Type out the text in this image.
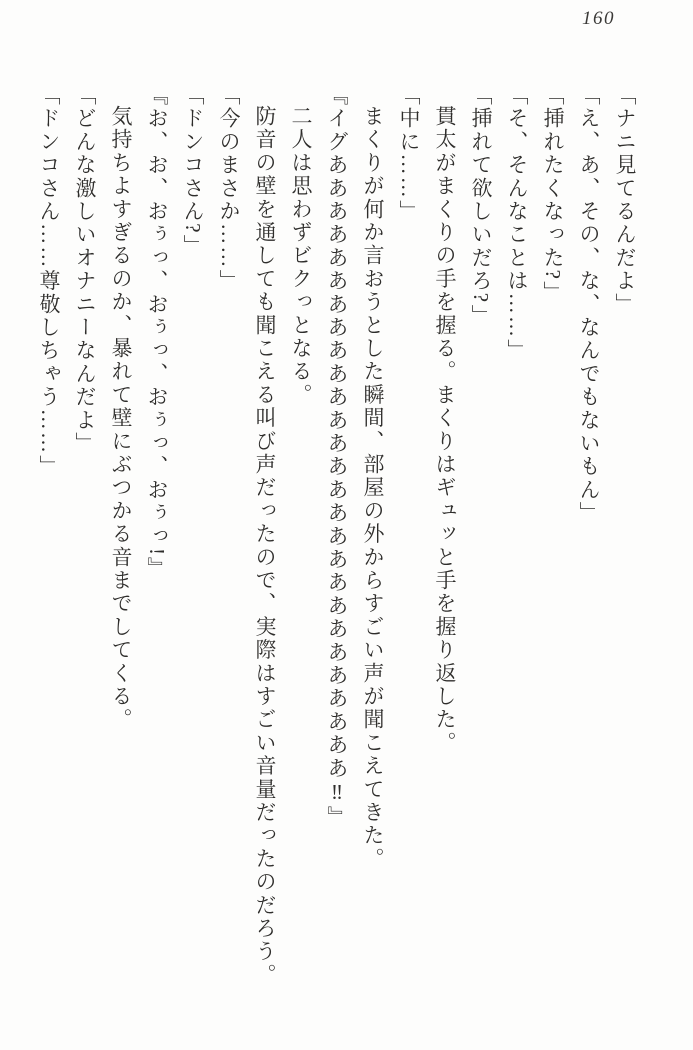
160

「ナニ見てるんだよ」

「え、あ、その、な、なんでもないもん」

「挿れたくなった?」

「そ、そんなことは……」

「挿れて欲しいだろ?」

貫太がまくりの手を握る。まくりはギュッと手を握り返した。

「中に……」

まくりが何か言おうとした瞬間、部屋の外からすごい声が聞こえてきた。

『イグあああああああああああああああああああああああああああ‼』

二人は思わずビクっとなる。

防音の壁を通しても聞こえる叫び声だったので、実際はすごい音量だったのだろう。

「今のまさか……」

「ドンコさん?」

『お、お、おぅっ、おぅっ、おぅっ、おぅっ!』

気持ちよすぎるのか、暴れて壁にぶつかる音までしてくる。

「どんな激しいオナニーなんだよ」

「ドンコさん……尊敬しちゃう……」
